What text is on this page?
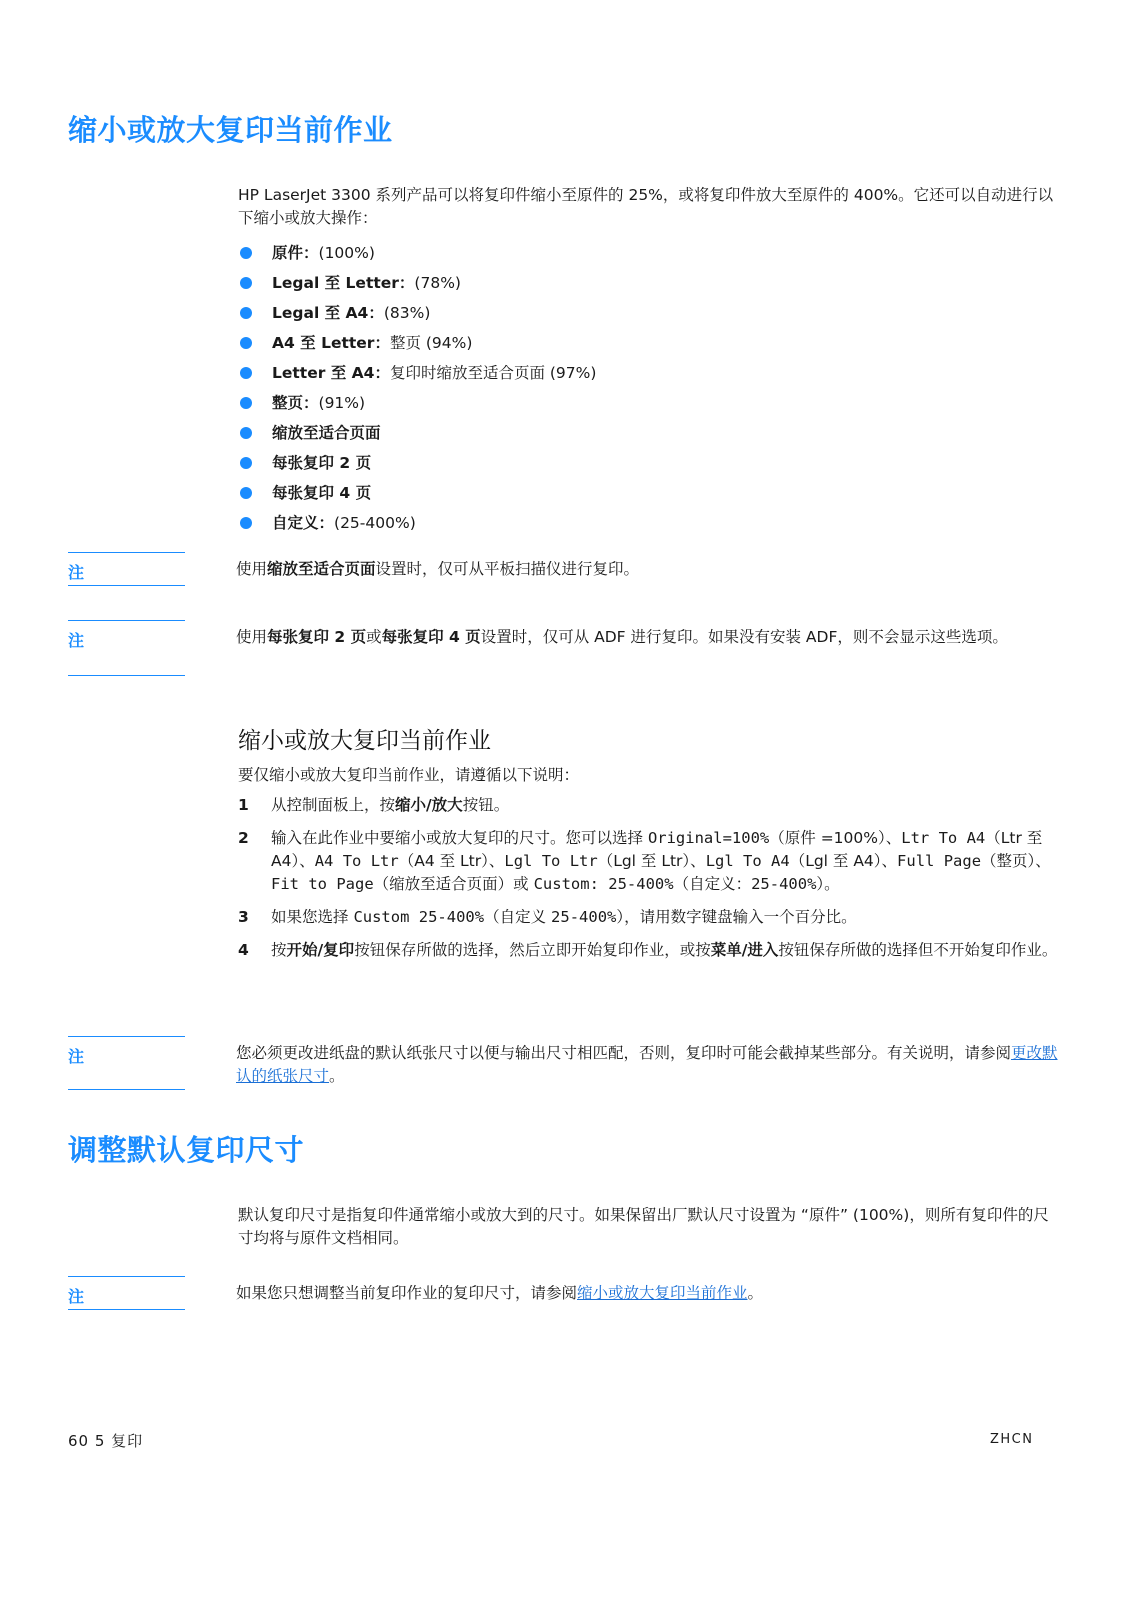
缩小或放大复印当前作业

HP LaserJet 3300 系列产品可以将复印件缩小至原件的 25%，或将复印件放大至原件的 400%。它还可以自动进行以下缩小或放大操作：

原件：(100%)
Legal 至 Letter：(78%)
Legal 至 A4：(83%)
A4 至 Letter：整页 (94%)
Letter 至 A4：复印时缩放至适合页面 (97%)
整页：(91%)
缩放至适合页面
每张复印 2 页
每张复印 4 页
自定义：(25-400%)
注	使用缩放至适合页面设置时，仅可从平板扫描仪进行复印。
注	使用每张复印 2 页或每张复印 4 页设置时，仅可从 ADF 进行复印。如果没有安装 ADF，则不会显示这些选项。
缩小或放大复印当前作业

要仅缩小或放大复印当前作业，请遵循以下说明：

1 从控制面板上，按缩小/放大按钮。
2 输入在此作业中要缩小或放大复印的尺寸。您可以选择 Original=100%（原件 =100%）、Ltr To A4（Ltr 至 A4）、A4 To Ltr（A4 至 Ltr）、Lgl To Ltr（Lgl 至 Ltr）、Lgl To A4（Lgl 至 A4）、Full Page（整页）、Fit to Page（缩放至适合页面）或 Custom: 25-400%（自定义：25-400%）。
3 如果您选择 Custom 25-400%（自定义 25-400%），请用数字键盘输入一个百分比。
4 按开始/复印按钮保存所做的选择，然后立即开始复印作业，或按菜单/进入按钮保存所做的选择但不开始复印作业。
注	您必须更改进纸盘的默认纸张尺寸以便与输出尺寸相匹配，否则，复印时可能会截掉某些部分。有关说明，请参阅更改默认的纸张尺寸。
调整默认复印尺寸

默认复印尺寸是指复印件通常缩小或放大到的尺寸。如果保留出厂默认尺寸设置为 “原件” (100%)，则所有复印件的尺寸均将与原件文档相同。

注	如果您只想调整当前复印作业的复印尺寸，请参阅缩小或放大复印当前作业。
60 5 复印	ZHCN
